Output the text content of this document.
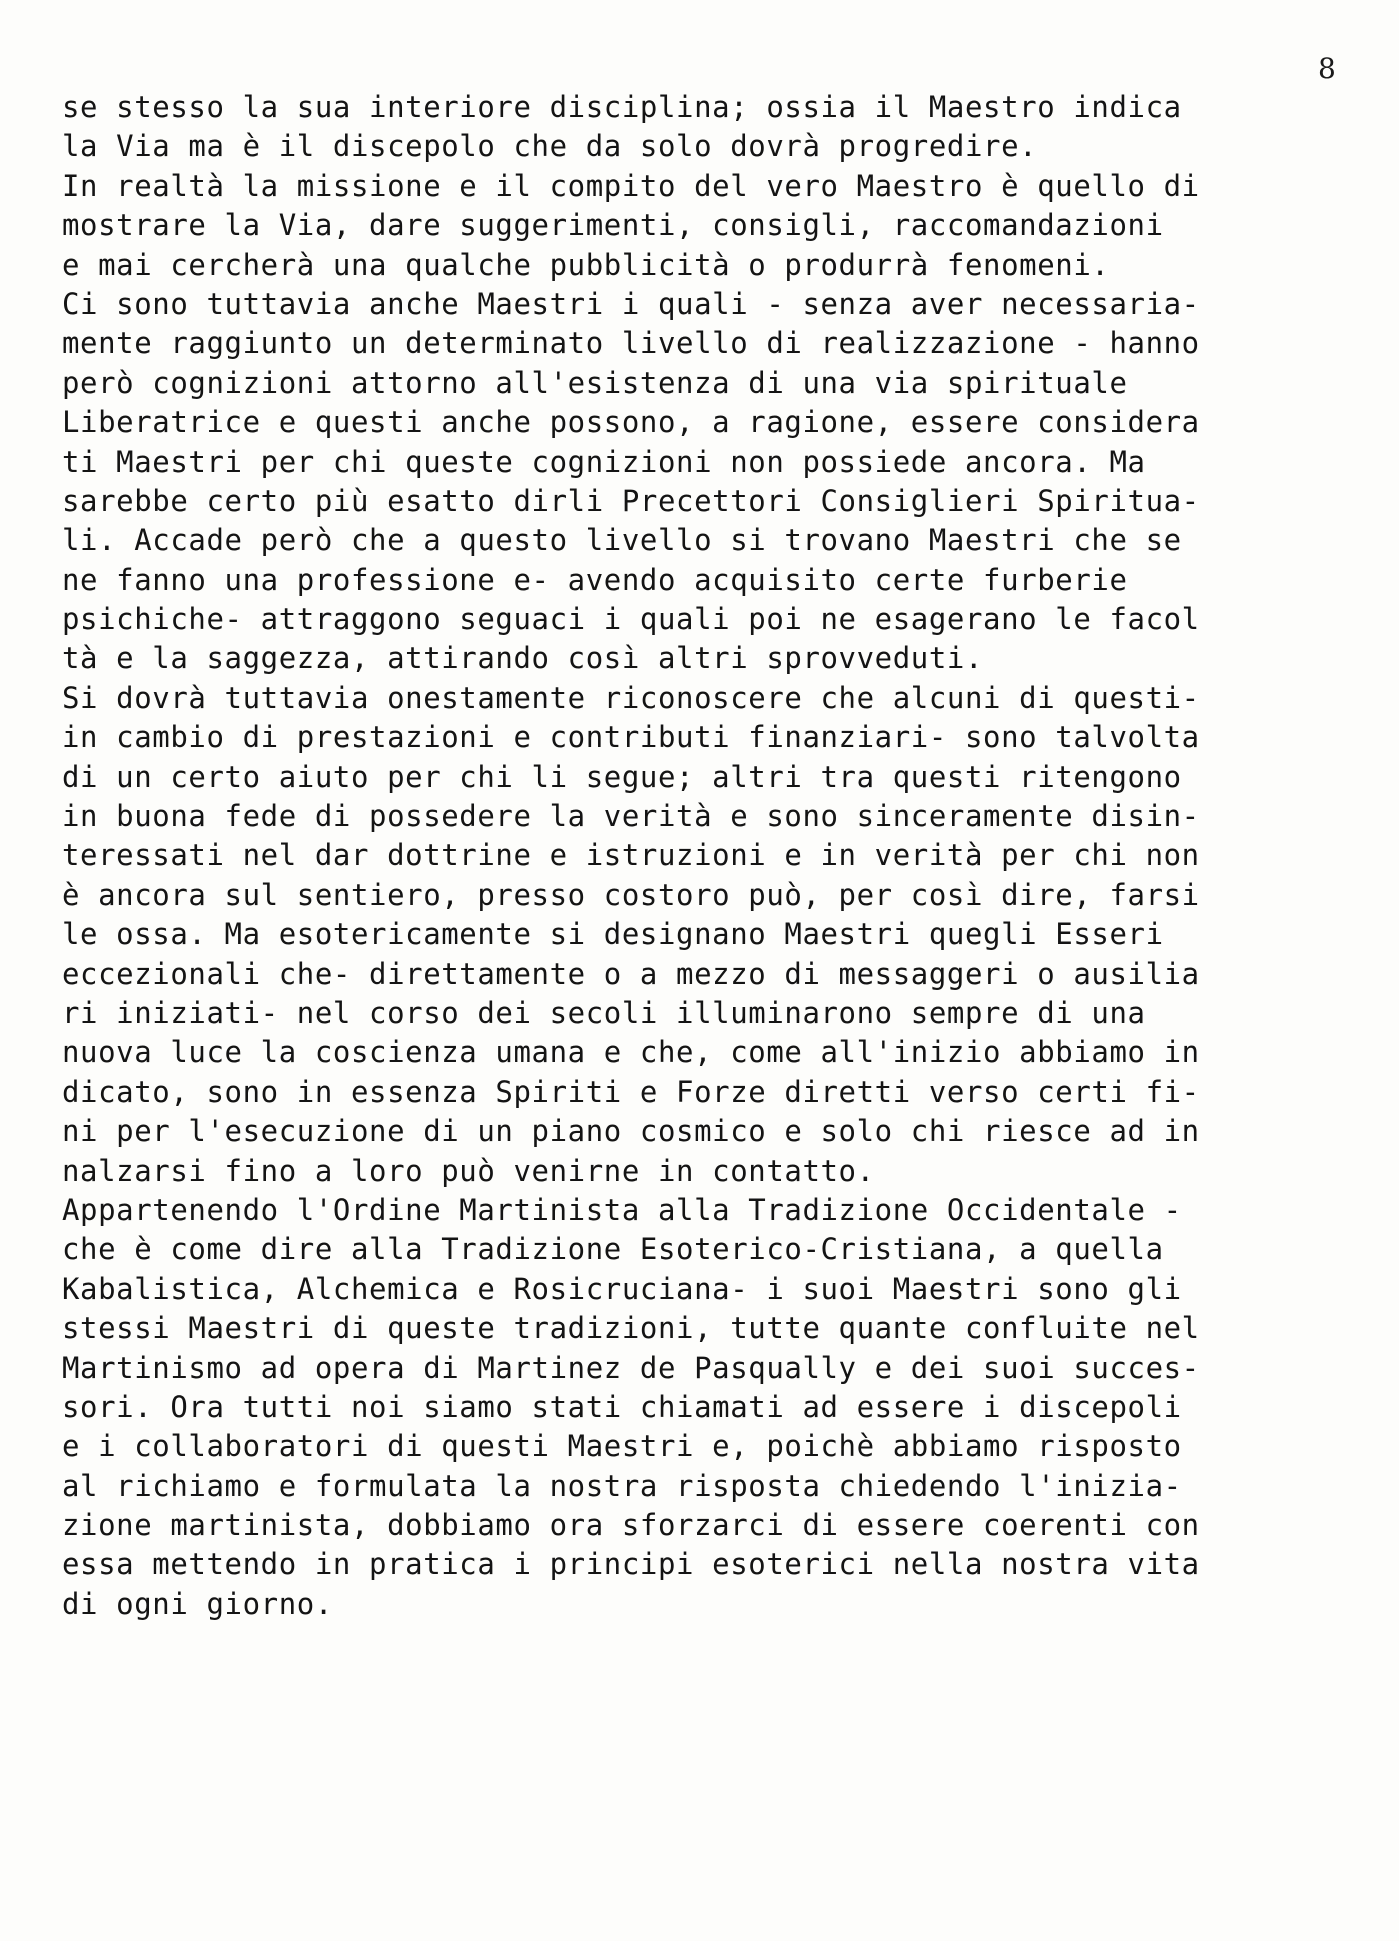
8
se stesso la sua interiore disciplina; ossia il Maestro indica
la Via ma è il discepolo che da solo dovrà progredire.
In realtà la missione e il compito del vero Maestro è quello di
mostrare la Via, dare suggerimenti, consigli, raccomandazioni
e mai cercherà una qualche pubblicità o produrrà fenomeni.
Ci sono tuttavia anche Maestri i quali - senza aver necessaria-
mente raggiunto un determinato livello di realizzazione - hanno
però cognizioni attorno all'esistenza di una via spirituale
Liberatrice e questi anche possono, a ragione, essere considera
ti Maestri per chi queste cognizioni non possiede ancora. Ma
sarebbe certo più esatto dirli Precettori Consiglieri Spiritua-
li. Accade però che a questo livello si trovano Maestri che se
ne fanno una professione e- avendo acquisito certe furberie
psichiche- attraggono seguaci i quali poi ne esagerano le facol
tà e la saggezza, attirando così altri sprovveduti.
Si dovrà tuttavia onestamente riconoscere che alcuni di questi-
in cambio di prestazioni e contributi finanziari- sono talvolta
di un certo aiuto per chi li segue; altri tra questi ritengono
in buona fede di possedere la verità e sono sinceramente disin-
teressati nel dar dottrine e istruzioni e in verità per chi non
è ancora sul sentiero, presso costoro può, per così dire, farsi
le ossa. Ma esotericamente si designano Maestri quegli Esseri
eccezionali che- direttamente o a mezzo di messaggeri o ausilia
ri iniziati- nel corso dei secoli illuminarono sempre di una
nuova luce la coscienza umana e che, come all'inizio abbiamo in
dicato, sono in essenza Spiriti e Forze diretti verso certi fi-
ni per l'esecuzione di un piano cosmico e solo chi riesce ad in
nalzarsi fino a loro può venirne in contatto.
Appartenendo l'Ordine Martinista alla Tradizione Occidentale -
che è come dire alla Tradizione Esoterico-Cristiana, a quella
Kabalistica, Alchemica e Rosicruciana- i suoi Maestri sono gli
stessi Maestri di queste tradizioni, tutte quante confluite nel
Martinismo ad opera di Martinez de Pasqually e dei suoi succes-
sori. Ora tutti noi siamo stati chiamati ad essere i discepoli
e i collaboratori di questi Maestri e, poichè abbiamo risposto
al richiamo e formulata la nostra risposta chiedendo l'inizia-
zione martinista, dobbiamo ora sforzarci di essere coerenti con
essa mettendo in pratica i principi esoterici nella nostra vita
di ogni giorno.
